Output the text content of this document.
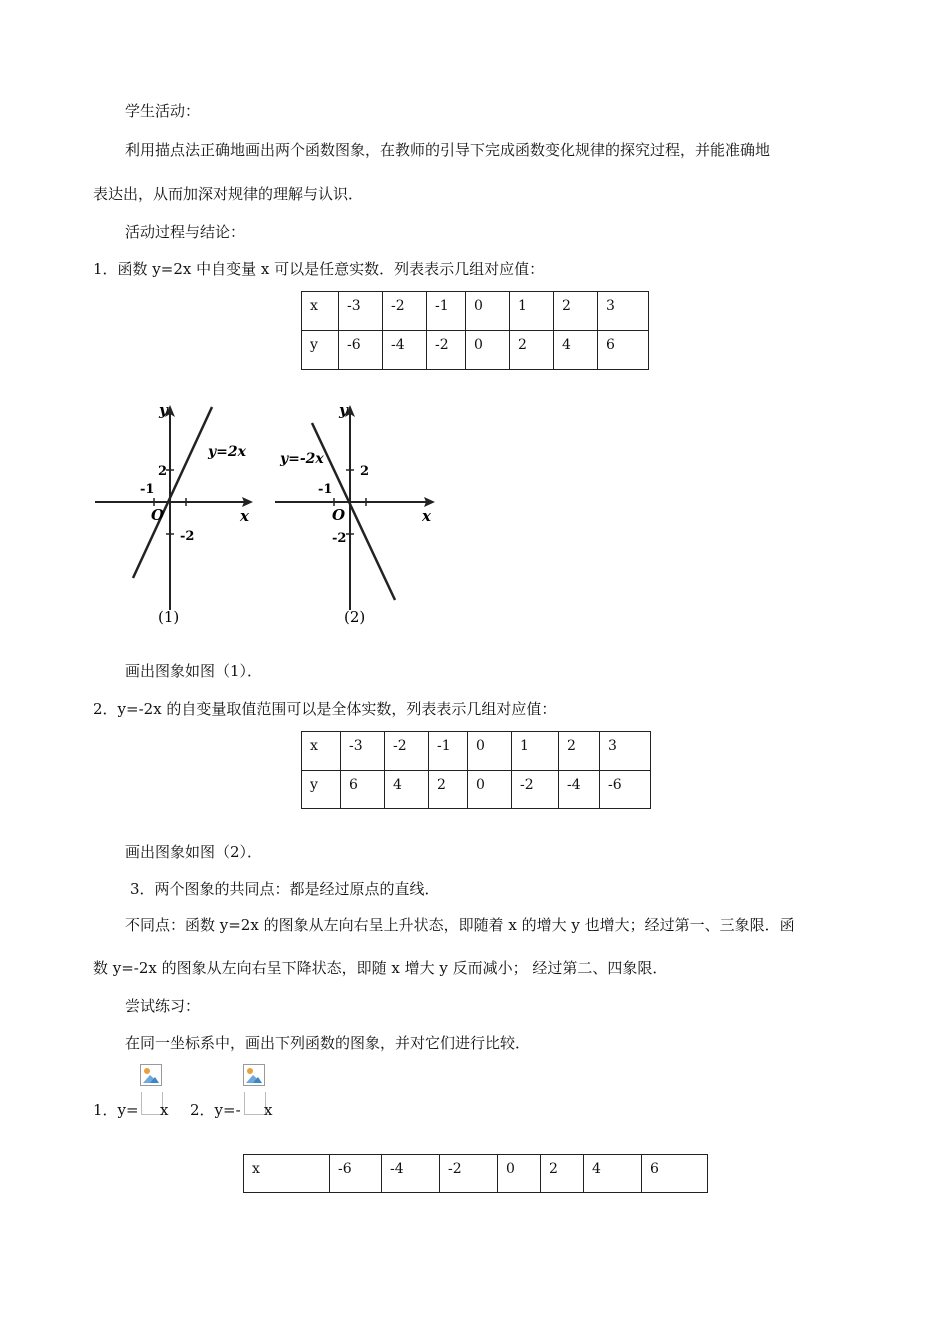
学生活动：
利用描点法正确地画出两个函数图象，在教师的引导下完成函数变化规律的探究过程，并能准确地
表达出，从而加深对规律的理解与认识．
活动过程与结论：
1．函数 y=2x 中自变量 x 可以是任意实数．列表表示几组对应值：
x	-3	-2	-1	0	1	2	3
y	-6	-4	-2	0	2	4	6
y
x
O
2
-1
-2
y=2x
(1)
y
x
O
2
-1
-2
y=-2x
(2)
画出图象如图（1）．
2．y=-2x 的自变量取值范围可以是全体实数，列表表示几组对应值：
x	-3	-2	-1	0	1	2	3
y	6	4	2	0	-2	-4	-6
画出图象如图（2）．
3．两个图象的共同点：都是经过原点的直线．
不同点：函数 y=2x 的图象从左向右呈上升状态，即随着 x 的增大 y 也增大；经过第一、三象限．函
数 y=-2x 的图象从左向右呈下降状态，即随 x 增大 y 反而减小； 经过第二、四象限．
尝试练习：
在同一坐标系中，画出下列函数的图象，并对它们进行比较．
1．y= x 2．y=- x
x	-6	-4	-2	0	2	4	6
